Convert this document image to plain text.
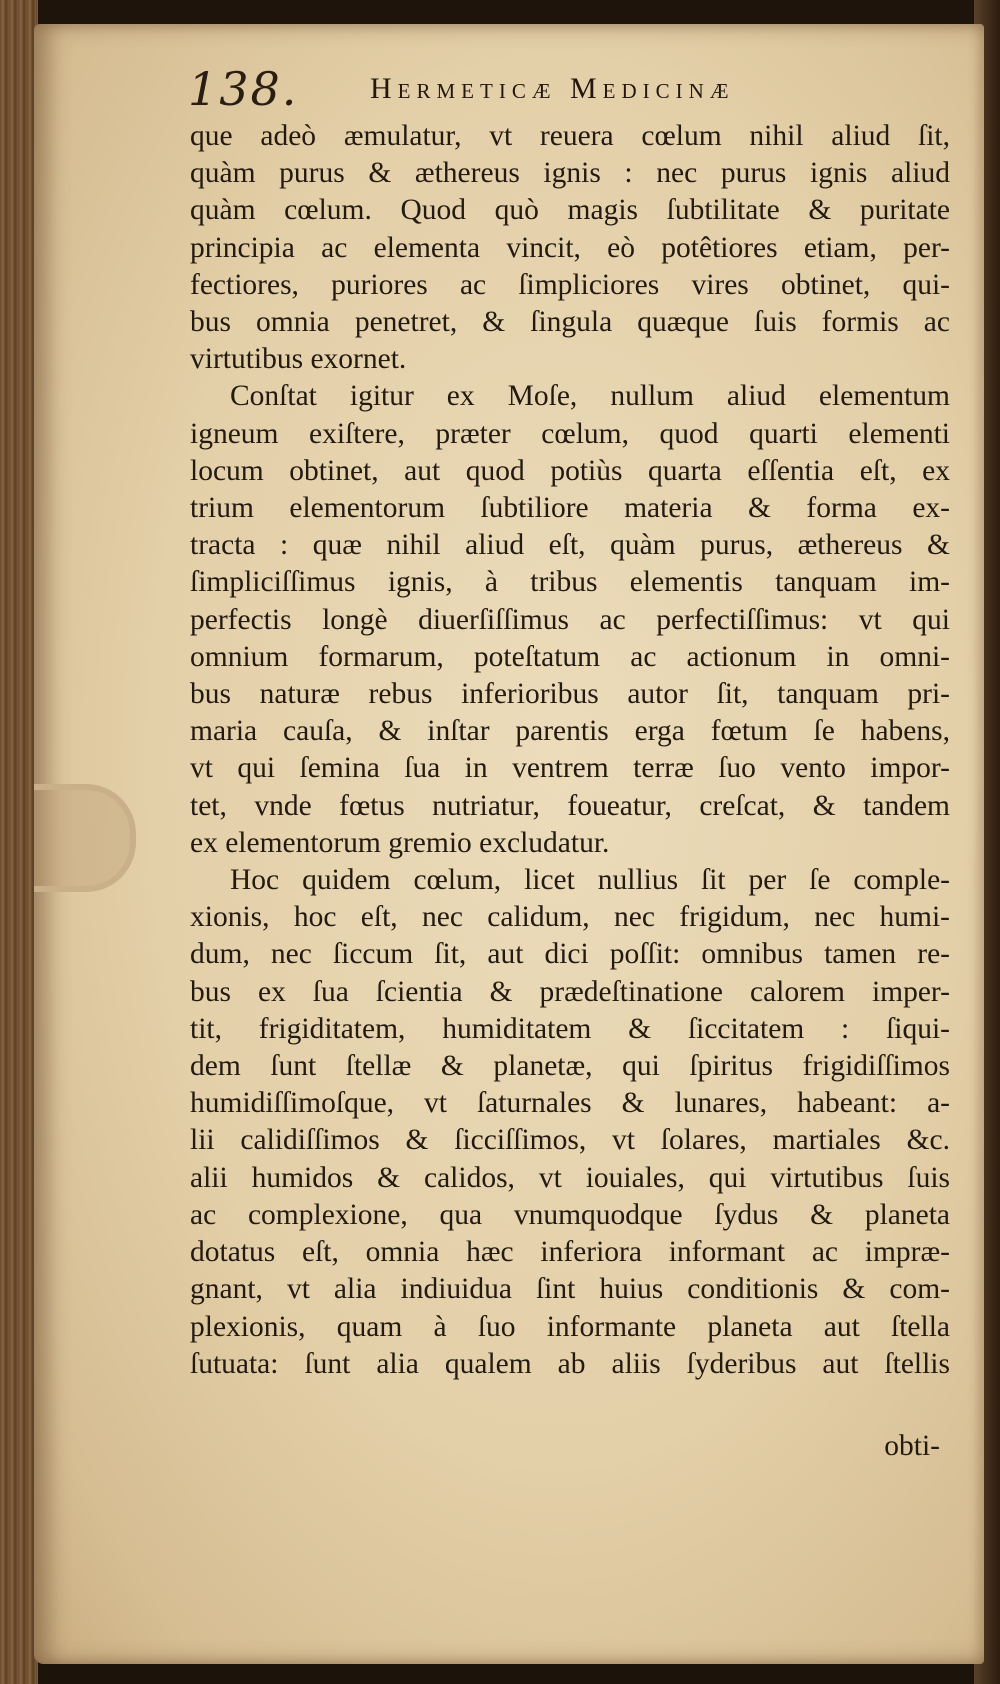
138. Hermeticæ Medicinæ
que adeò æmulatur, vt reuera cœlum nihil aliud ſit,
quàm purus & æthereus ignis : nec purus ignis aliud
quàm cœlum. Quod quò magis ſubtilitate & puritate
principia ac elementa vincit, eò potêtiores etiam, per-
fectiores, puriores ac ſimpliciores vires obtinet, qui-
bus omnia penetret, & ſingula quæque ſuis formis ac
virtutibus exornet.
Conſtat igitur ex Moſe, nullum aliud elementum
igneum exiſtere, præter cœlum, quod quarti elementi
locum obtinet, aut quod potiùs quarta eſſentia eſt, ex
trium elementorum ſubtiliore materia & forma ex-
tracta : quæ nihil aliud eſt, quàm purus, æthereus &
ſimpliciſſimus ignis, à tribus elementis tanquam im-
perfectis longè diuerſiſſimus ac perfectiſſimus: vt qui
omnium formarum, poteſtatum ac actionum in omni-
bus naturæ rebus inferioribus autor ſit, tanquam pri-
maria cauſa, & inſtar parentis erga fœtum ſe habens,
vt qui ſemina ſua in ventrem terræ ſuo vento impor-
tet, vnde fœtus nutriatur, foueatur, creſcat, & tandem
ex elementorum gremio excludatur.
Hoc quidem cœlum, licet nullius ſit per ſe comple-
xionis, hoc eſt, nec calidum, nec frigidum, nec humi-
dum, nec ſiccum ſit, aut dici poſſit: omnibus tamen re-
bus ex ſua ſcientia & prædeſtinatione calorem imper-
tit, frigiditatem, humiditatem & ſiccitatem : ſiqui-
dem ſunt ſtellæ & planetæ, qui ſpiritus frigidiſſimos
humidiſſimoſque, vt ſaturnales & lunares, habeant: a-
lii calidiſſimos & ſicciſſimos, vt ſolares, martiales &c.
alii humidos & calidos, vt iouiales, qui virtutibus ſuis
ac complexione, qua vnumquodque ſydus & planeta
dotatus eſt, omnia hæc inferiora informant ac impræ-
gnant, vt alia indiuidua ſint huius conditionis & com-
plexionis, quam à ſuo informante planeta aut ſtella
ſutuata: ſunt alia qualem ab aliis ſyderibus aut ſtellis
obti-
